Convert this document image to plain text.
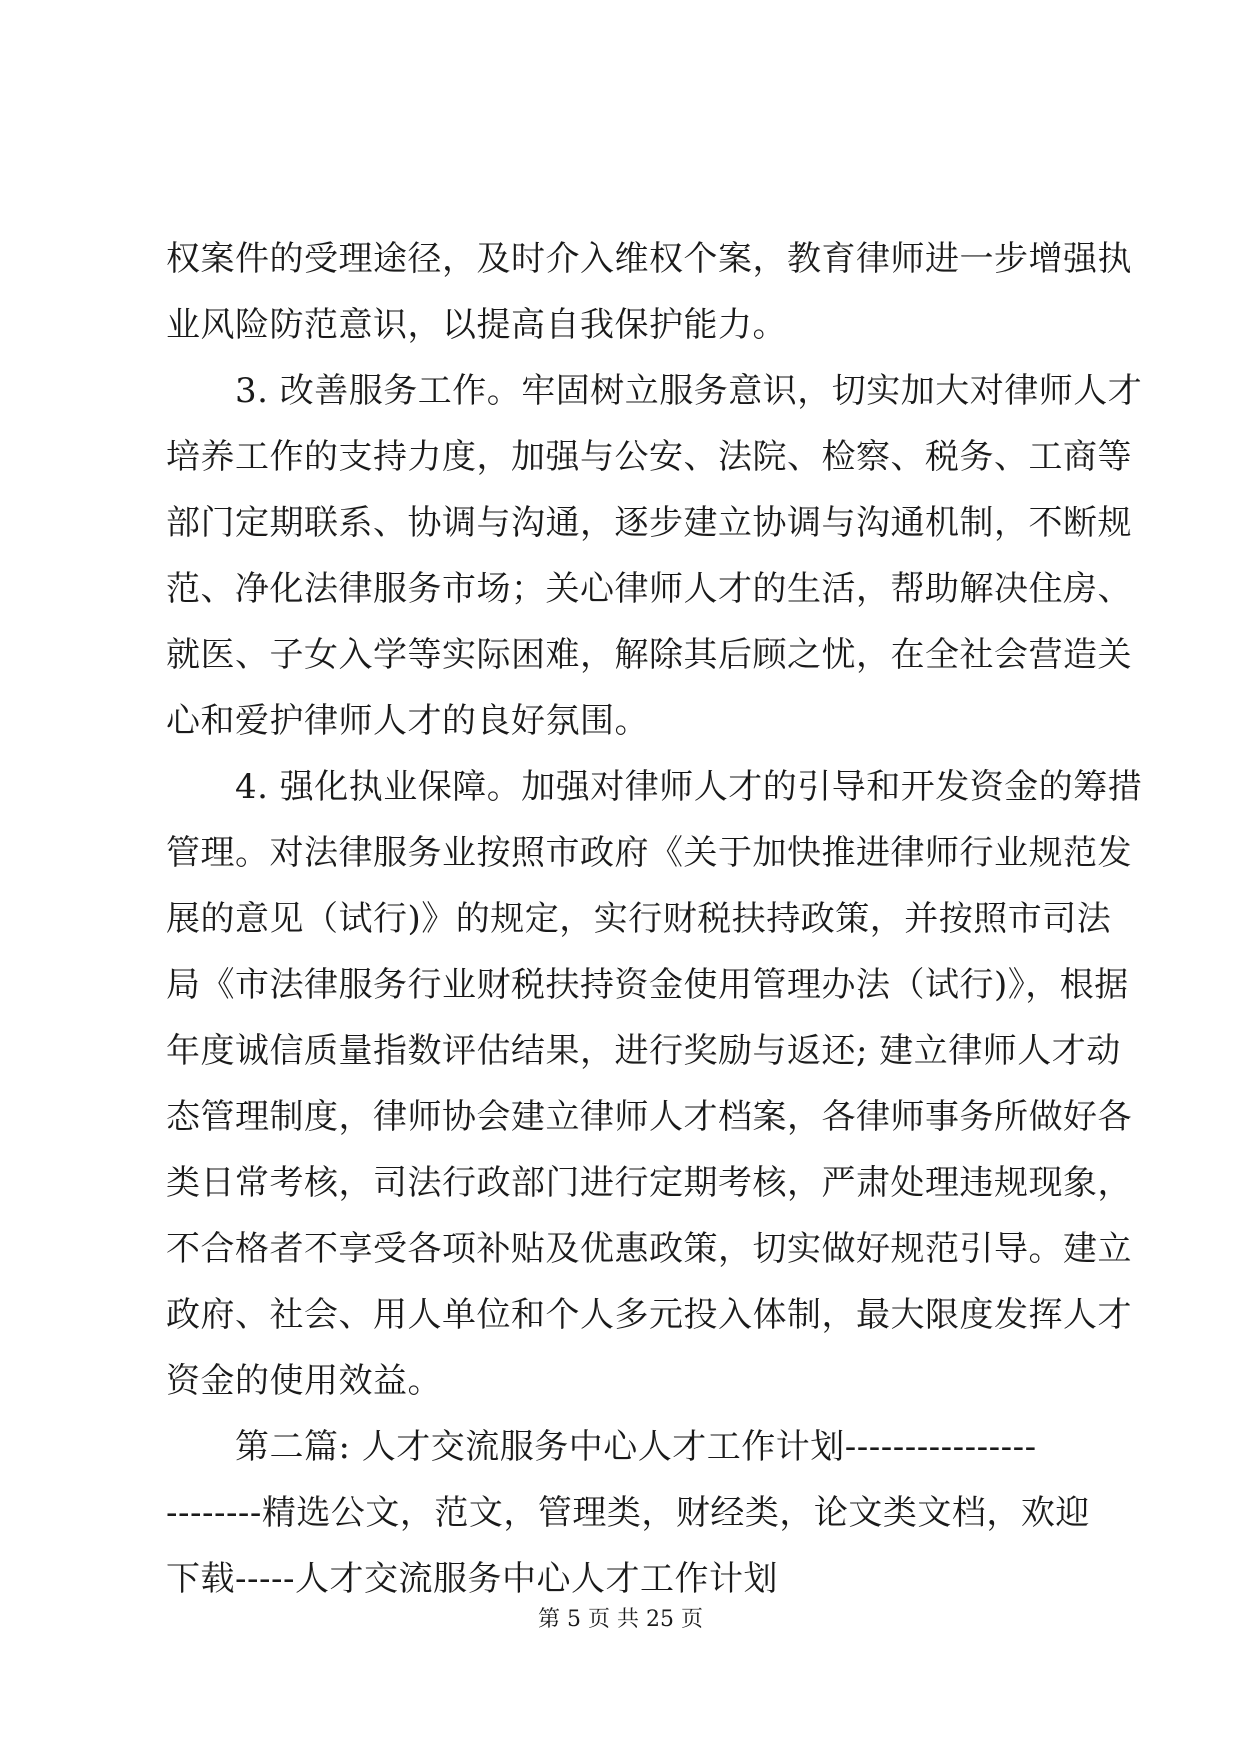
权案件的受理途径，及时介入维权个案，教育律师进一步增强执
业风险防范意识，以提高自我保护能力。
　　3. 改善服务工作。牢固树立服务意识，切实加大对律师人才
培养工作的支持力度，加强与公安、法院、检察、税务、工商等
部门定期联系、协调与沟通，逐步建立协调与沟通机制，不断规
范、净化法律服务市场；关心律师人才的生活，帮助解决住房、
就医、子女入学等实际困难，解除其后顾之忧，在全社会营造关
心和爱护律师人才的良好氛围。
　　4. 强化执业保障。加强对律师人才的引导和开发资金的筹措
管理。对法律服务业按照市政府《关于加快推进律师行业规范发
展的意见（试行)》的规定，实行财税扶持政策，并按照市司法
局《市法律服务行业财税扶持资金使用管理办法（试行)》，根据
年度诚信质量指数评估结果，进行奖励与返还; 建立律师人才动
态管理制度，律师协会建立律师人才档案，各律师事务所做好各
类日常考核，司法行政部门进行定期考核，严肃处理违规现象，
不合格者不享受各项补贴及优惠政策，切实做好规范引导。建立
政府、社会、用人单位和个人多元投入体制，最大限度发挥人才
资金的使用效益。
　　第二篇: 人才交流服务中心人才工作计划----------------
--------精选公文，范文，管理类，财经类，论文类文档，欢迎
下载-----人才交流服务中心人才工作计划
第 5 页 共 25 页
